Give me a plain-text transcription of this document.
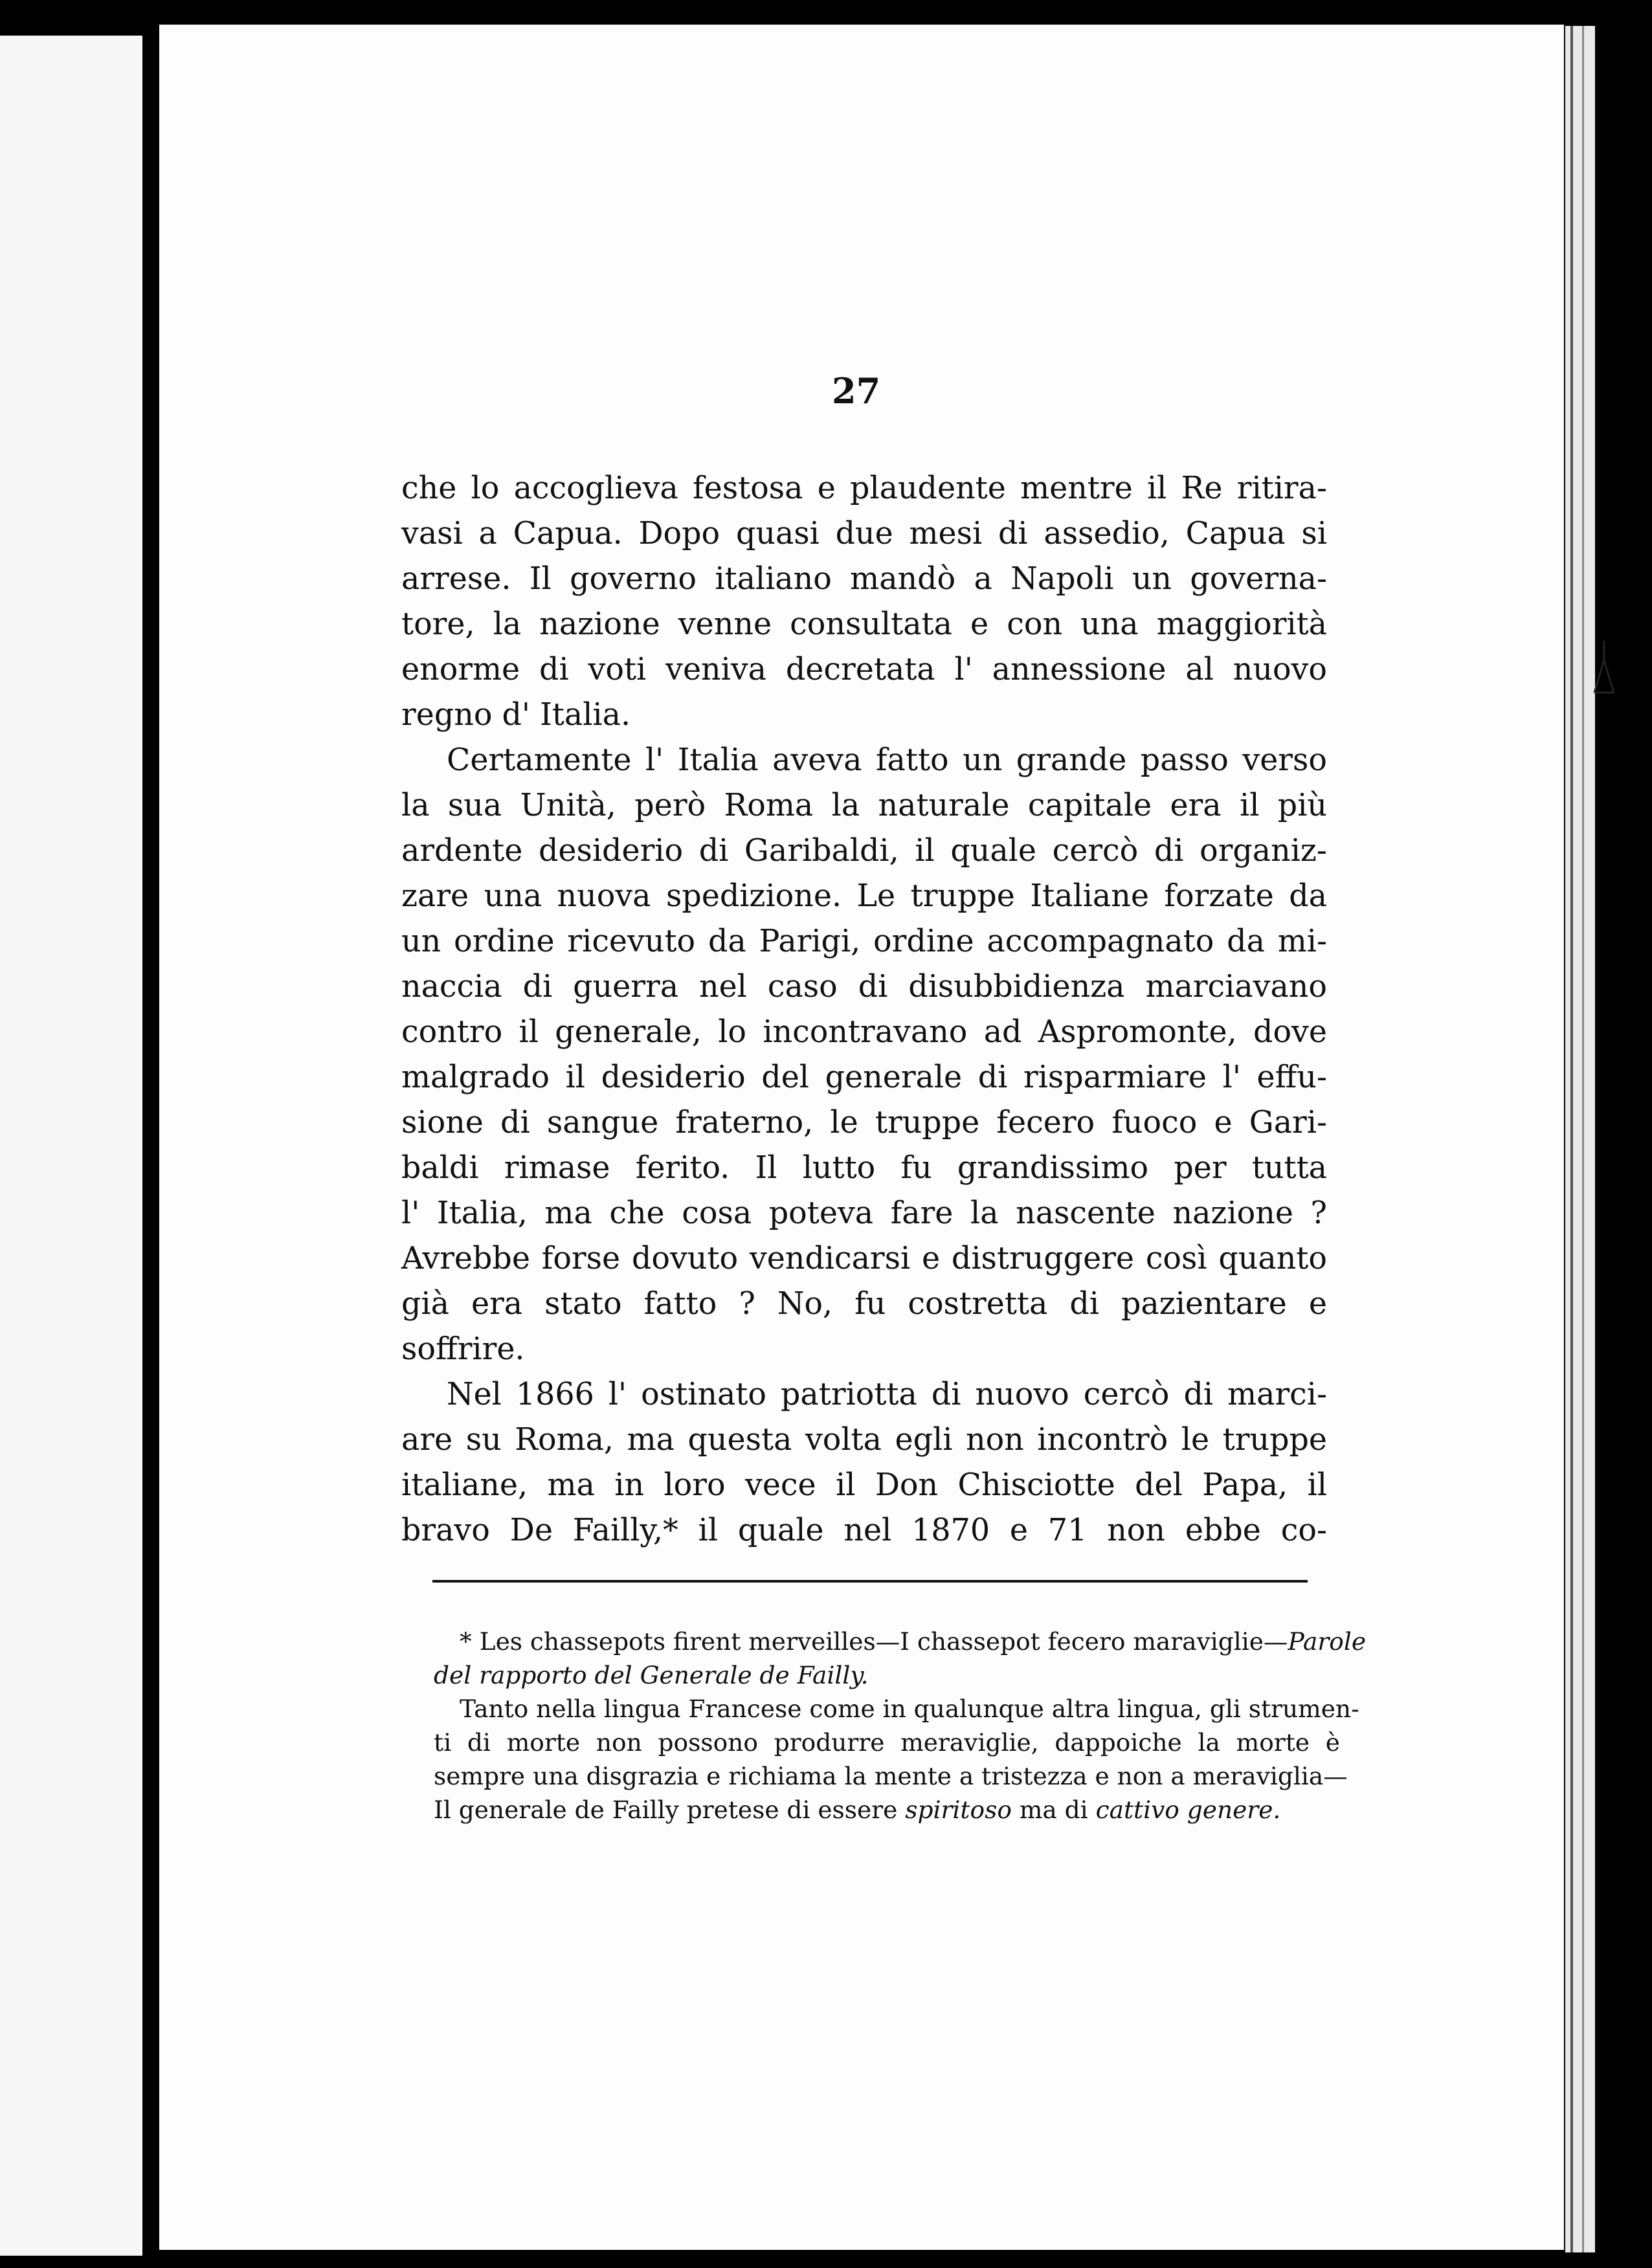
27
che lo accoglieva festosa e plaudente mentre il Re ritira-
vasi a Capua. Dopo quasi due mesi di assedio, Capua si
arrese. Il governo italiano mandò a Napoli un governa-
tore, la nazione venne consultata e con una maggiorità
enorme di voti veniva decretata l' annessione al nuovo
regno d' Italia.
Certamente l' Italia aveva fatto un grande passo verso
la sua Unità, però Roma la naturale capitale era il più
ardente desiderio di Garibaldi, il quale cercò di organiz-
zare una nuova spedizione. Le truppe Italiane forzate da
un ordine ricevuto da Parigi, ordine accompagnato da mi-
naccia di guerra nel caso di disubbidienza marciavano
contro il generale, lo incontravano ad Aspromonte, dove
malgrado il desiderio del generale di risparmiare l' effu-
sione di sangue fraterno, le truppe fecero fuoco e Gari-
baldi rimase ferito. Il lutto fu grandissimo per tutta
l' Italia, ma che cosa poteva fare la nascente nazione ?
Avrebbe forse dovuto vendicarsi e distruggere così quanto
già era stato fatto ? No, fu costretta di pazientare e
soffrire.
Nel 1866 l' ostinato patriotta di nuovo cercò di marci-
are su Roma, ma questa volta egli non incontrò le truppe
italiane, ma in loro vece il Don Chisciotte del Papa, il
bravo De Failly,* il quale nel 1870 e 71 non ebbe co-
* Les chassepots firent merveilles—I chassepot fecero maraviglie—Parole
del rapporto del Generale de Failly.
Tanto nella lingua Francese come in qualunque altra lingua, gli strumen-
ti di morte non possono produrre meraviglie, dappoiche la morte è
sempre una disgrazia e richiama la mente a tristezza e non a meraviglia—
Il generale de Failly pretese di essere spiritoso ma di cattivo genere.
